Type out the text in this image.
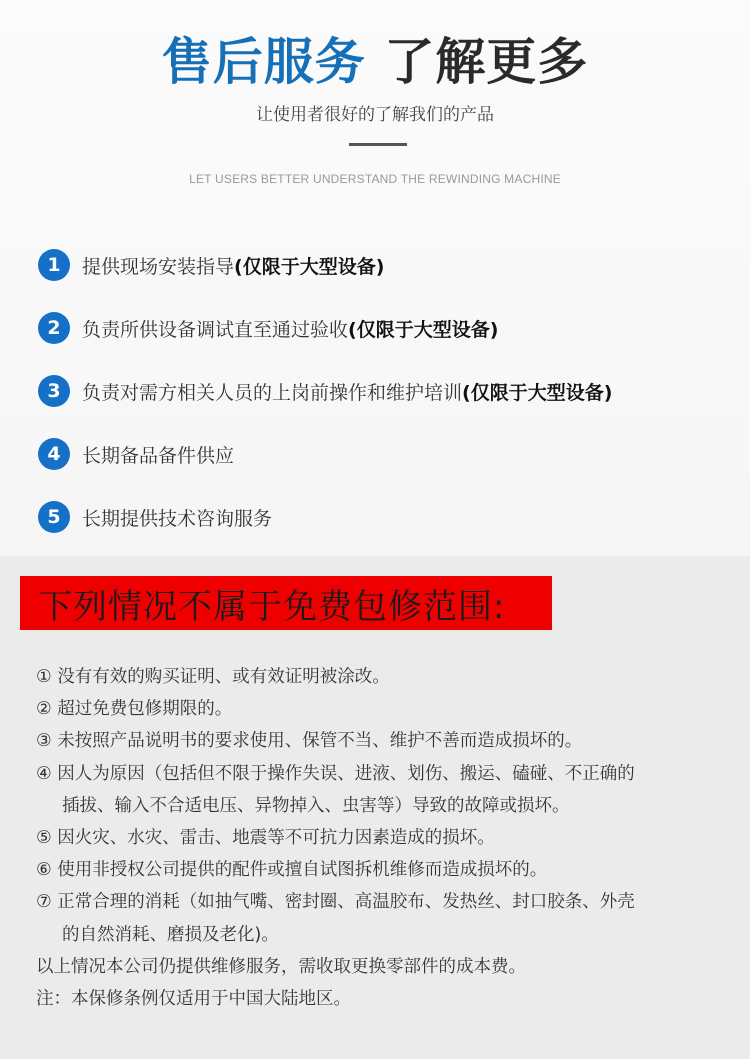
售后服务 了解更多
让使用者很好的了解我们的产品
LET USERS BETTER UNDERSTAND THE REWINDING MACHINE
1	提供现场安装指导 (仅限于大型设备)
2	负责所供设备调试直至通过验收 (仅限于大型设备)
3	负责对需方相关人员的上岗前操作和维护培训 (仅限于大型设备)
4	长期备品备件供应
5	长期提供技术咨询服务
下列情况不属于免费包修范围:
① 没有有效的购买证明、或有效证明被涂改。
② 超过免费包修期限的。
③ 未按照产品说明书的要求使用、保管不当、维护不善而造成损坏的。
④ 因人为原因（包括但不限于操作失误、进液、划伤、搬运、磕碰、不正确的
插拔、输入不合适电压、异物掉入、虫害等）导致的故障或损坏。
⑤ 因火灾、水灾、雷击、地震等不可抗力因素造成的损坏。
⑥ 使用非授权公司提供的配件或擅自试图拆机维修而造成损坏的。
⑦ 正常合理的消耗（如抽气嘴、密封圈、高温胶布、发热丝、封口胶条、外壳
的自然消耗、磨损及老化)。
以上情况本公司仍提供维修服务，需收取更换零部件的成本费。
注：本保修条例仅适用于中国大陆地区。
